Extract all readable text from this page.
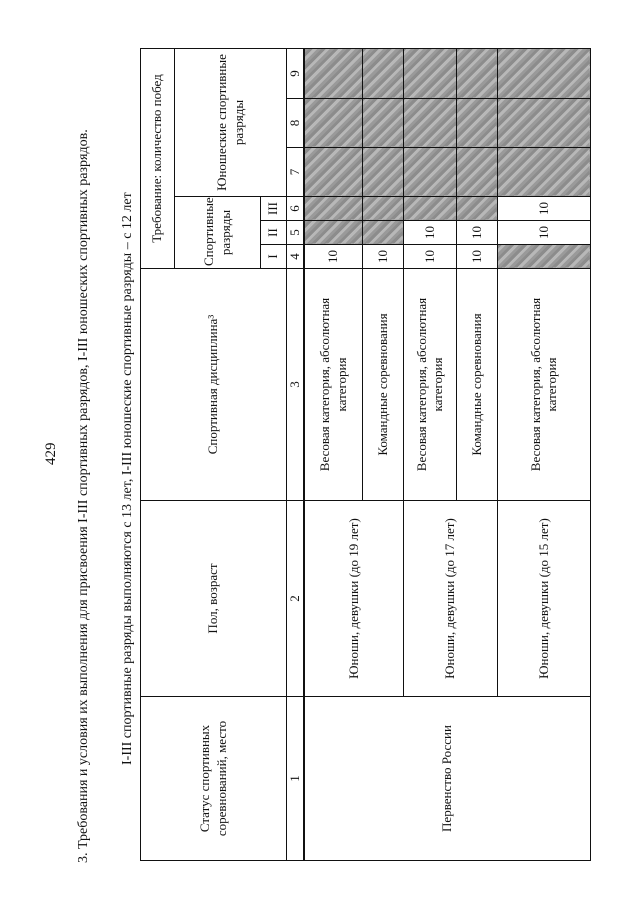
429 3. Требования и условия их выполнения для присвоения I-III спортивных разрядов, I-III юношеских спортивных разрядов. I-III спортивные разряды выполняются с 13 лет, I-III юношеские спортивные разряды – с 12 лет
Статус спортивных соревнований, место	Пол, возраст	Спортивная дисциплина³	Требование: количество побед					
			Спортивные разряды			Юношеские спортивные разряды		
			I	II	III			
1	2	3	4	5	6	7	8	9
Первенство России	Юноши, девушки (до 19 лет)	Весовая категория, абсолютная категория	10					
		Командные соревнования	10					
	Юноши, девушки (до 17 лет)	Весовая категория, абсолютная категория	10	10				
		Командные соревнования	10	10				
	Юноши, девушки (до 15 лет)	Весовая категория, абсолютная категория		10	10			
